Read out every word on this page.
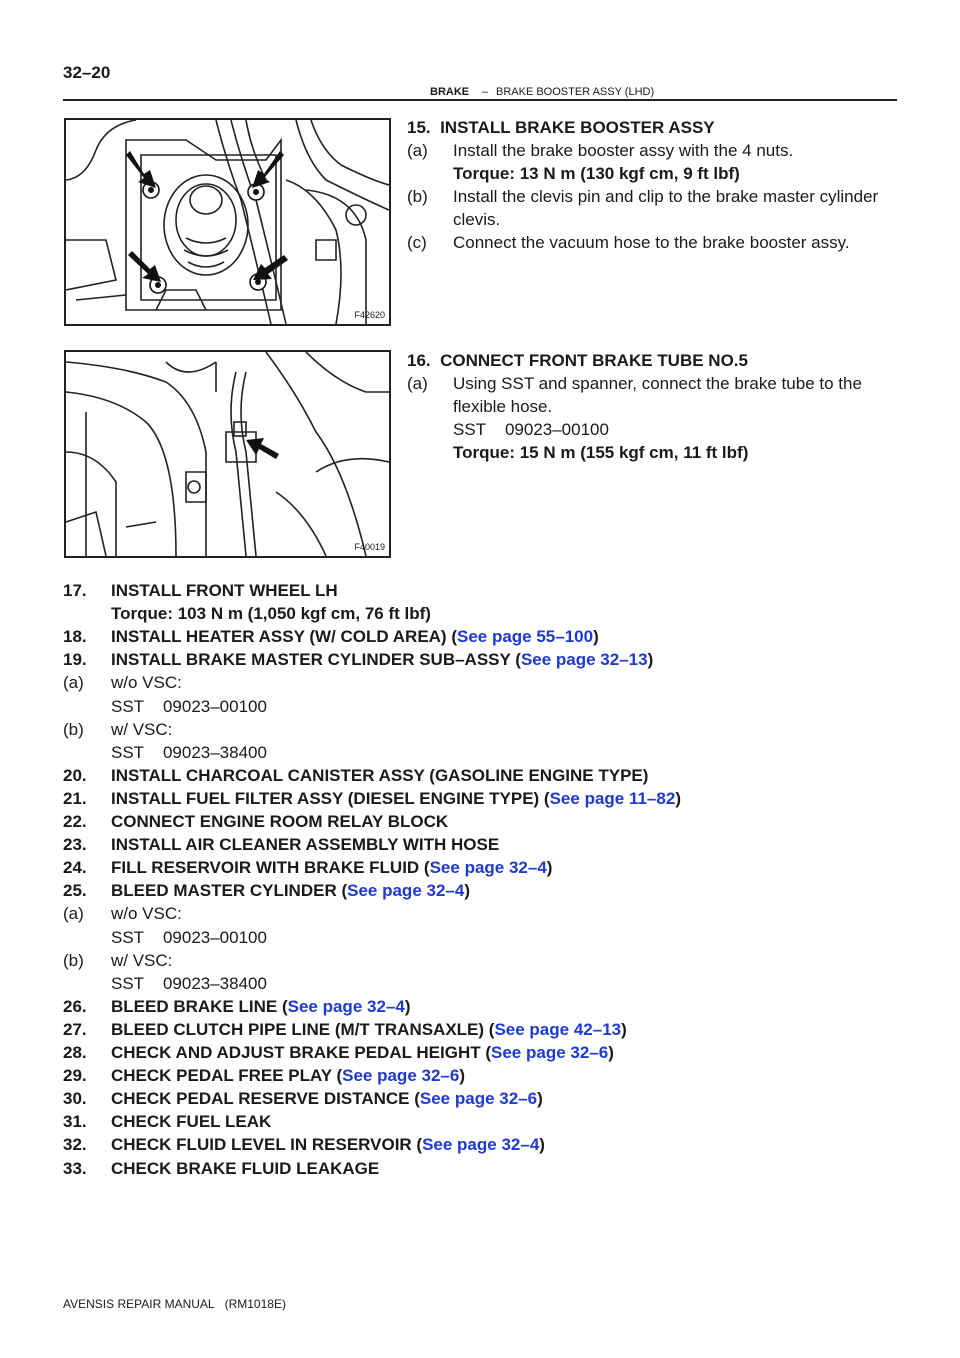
32–20
BRAKE – BRAKE BOOSTER ASSY (LHD)
F42620
F40019
15.  INSTALL BRAKE BOOSTER ASSY
(a) Install the brake booster assy with the 4 nuts.
Torque: 13 N m (130 kgf cm, 9 ft lbf)
(b) Install the clevis pin and clip to the brake master cylinder
clevis.
(c) Connect the vacuum hose to the brake booster assy.
16.  CONNECT FRONT BRAKE TUBE NO.5
(a) Using SST and spanner, connect the brake tube to the
flexible hose.
SST    09023–00100
Torque: 15 N m (155 kgf cm, 11 ft lbf)
17. INSTALL FRONT WHEEL LH
Torque: 103 N m (1,050 kgf cm, 76 ft lbf)
18. INSTALL HEATER ASSY (W/ COLD AREA) (See page 55–100)
19. INSTALL BRAKE MASTER CYLINDER SUB–ASSY (See page 32–13)
(a) w/o VSC:
SST    09023–00100
(b) w/ VSC:
SST    09023–38400
20. INSTALL CHARCOAL CANISTER ASSY (GASOLINE ENGINE TYPE)
21. INSTALL FUEL FILTER ASSY (DIESEL ENGINE TYPE) (See page 11–82)
22. CONNECT ENGINE ROOM RELAY BLOCK
23. INSTALL AIR CLEANER ASSEMBLY WITH HOSE
24. FILL RESERVOIR WITH BRAKE FLUID (See page 32–4)
25. BLEED MASTER CYLINDER (See page 32–4)
(a) w/o VSC:
SST    09023–00100
(b) w/ VSC:
SST    09023–38400
26. BLEED BRAKE LINE (See page 32–4)
27. BLEED CLUTCH PIPE LINE (M/T TRANSAXLE) (See page 42–13)
28. CHECK AND ADJUST BRAKE PEDAL HEIGHT (See page 32–6)
29. CHECK PEDAL FREE PLAY (See page 32–6)
30. CHECK PEDAL RESERVE DISTANCE (See page 32–6)
31. CHECK FUEL LEAK
32. CHECK FLUID LEVEL IN RESERVOIR (See page 32–4)
33. CHECK BRAKE FLUID LEAKAGE
AVENSIS REPAIR MANUAL   (RM1018E)
